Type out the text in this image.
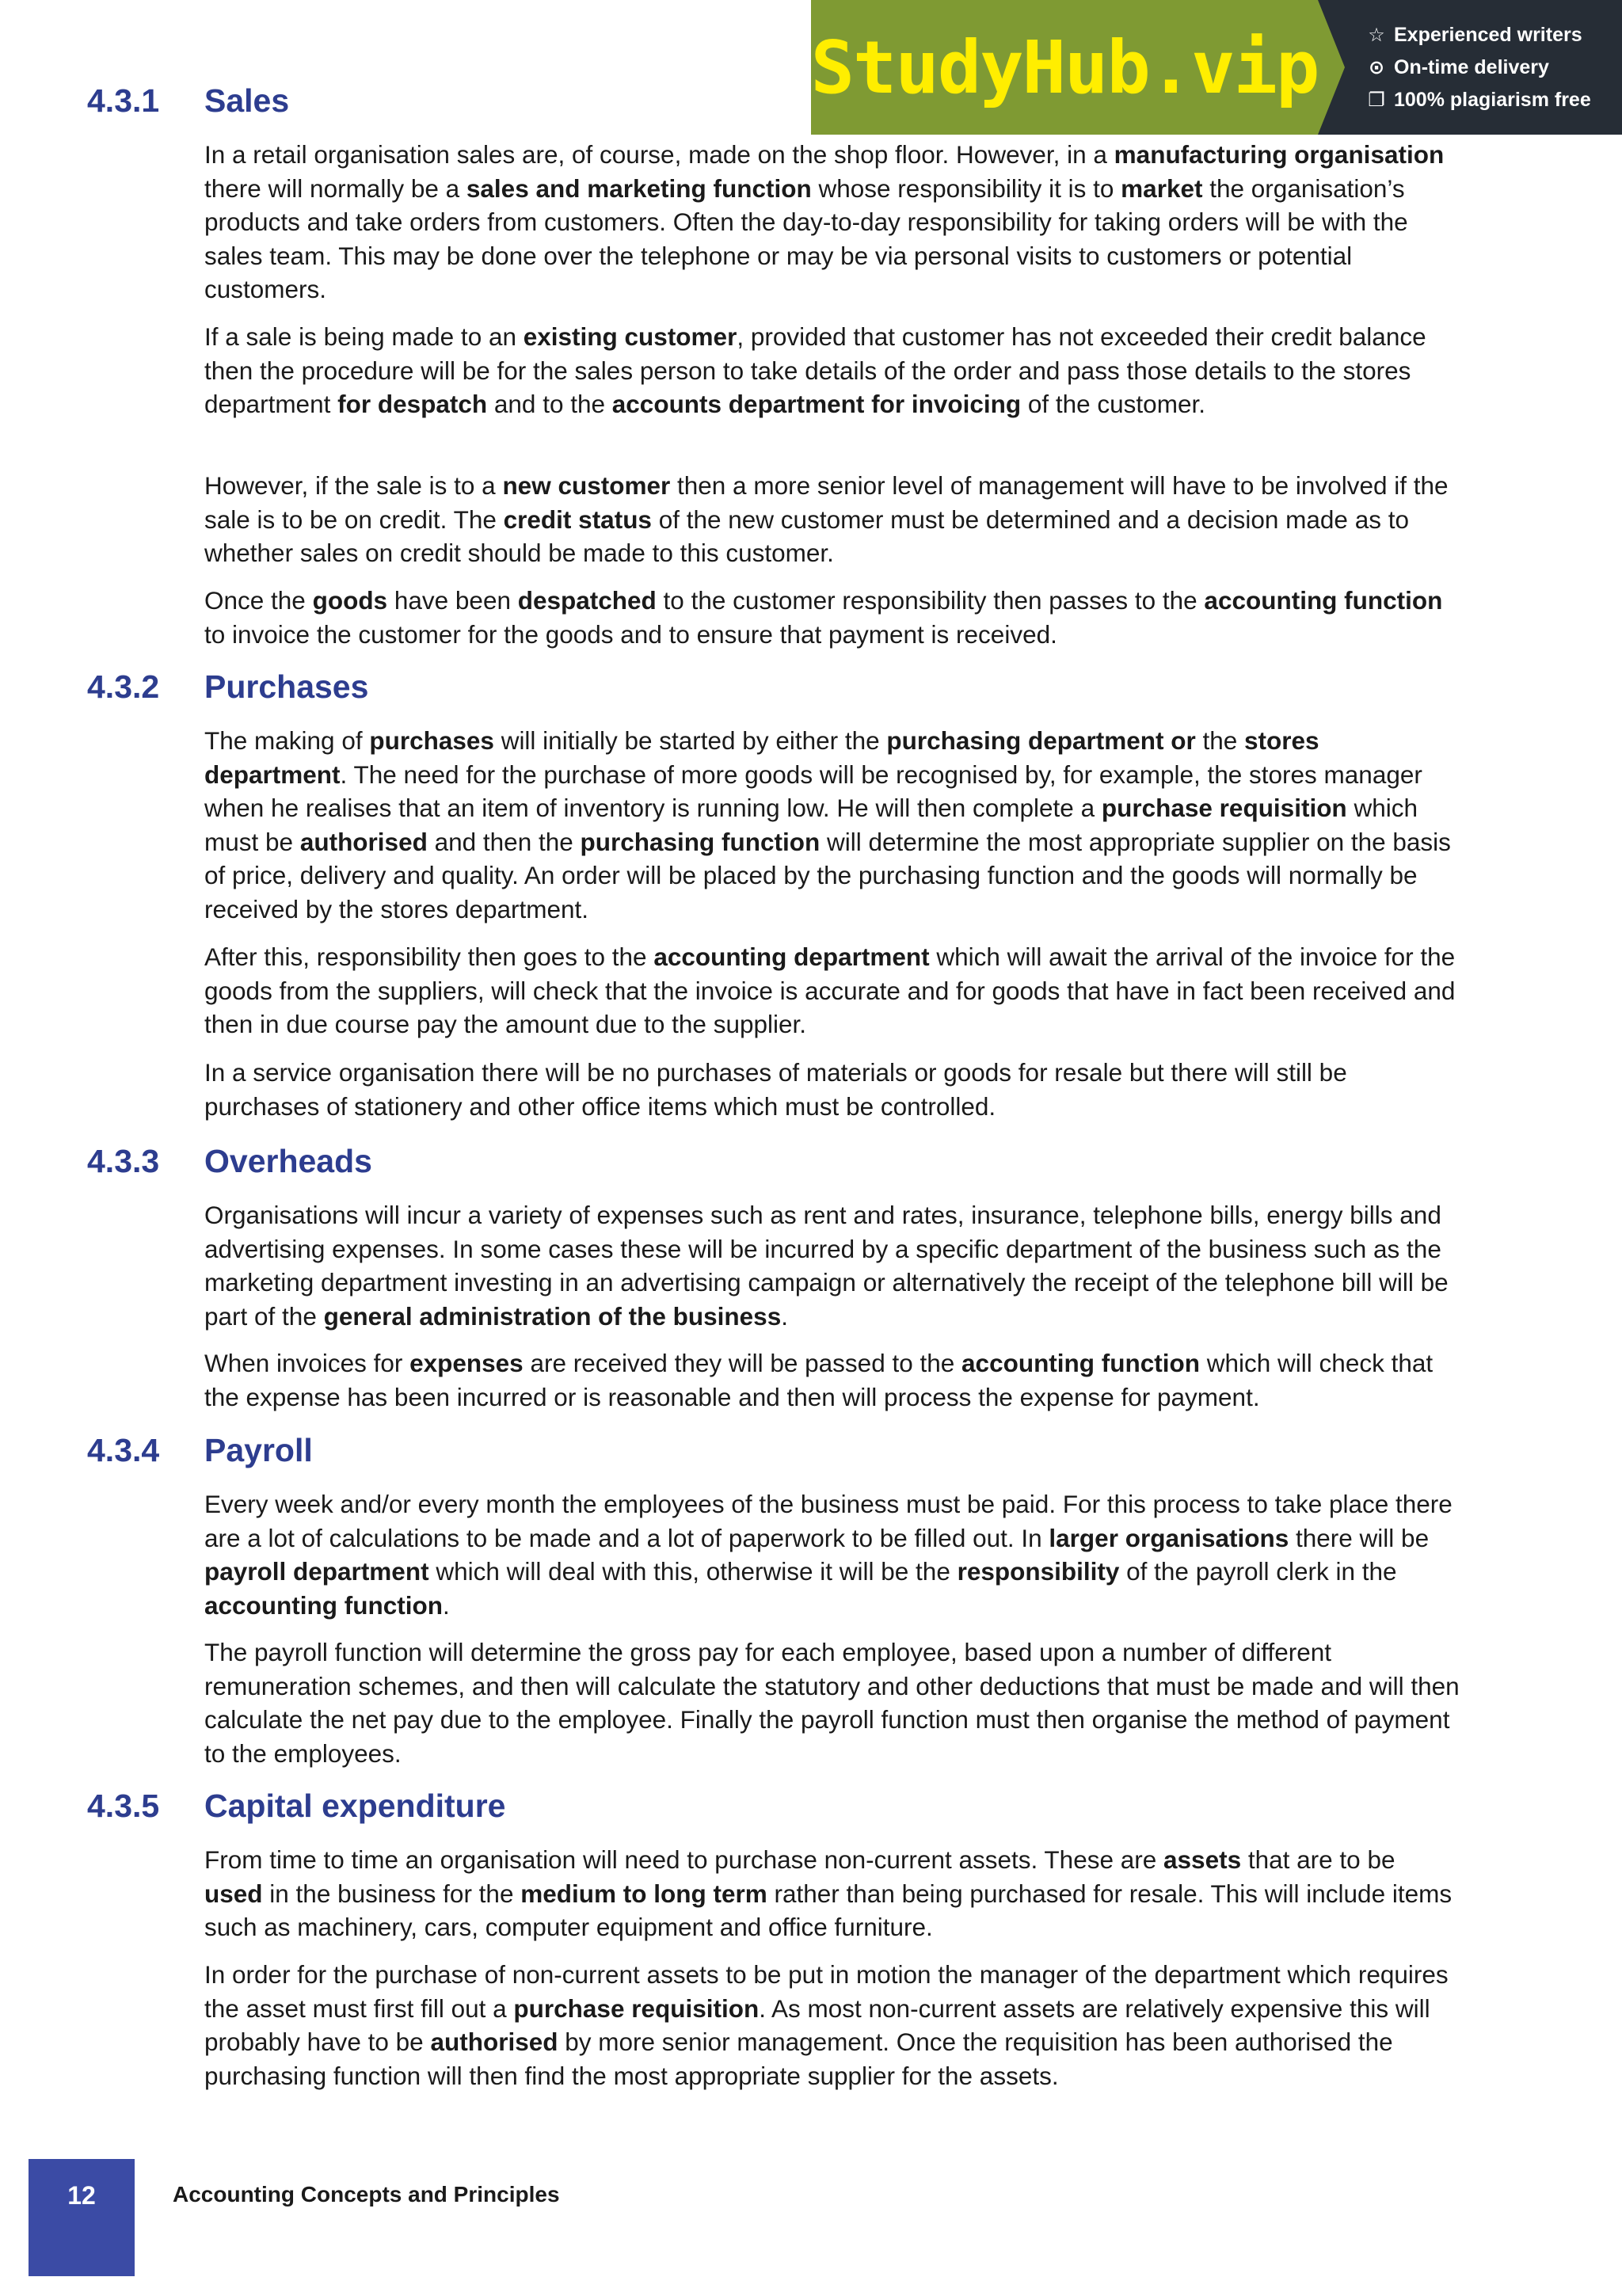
StudyHub.vip	☆ Experienced writers
⊙ On-time delivery
❐ 100% plagiarism free
4.3.1	Sales

In a retail organisation sales are, of course, made on the shop floor. However, in a manufacturing organisation there will normally be a sales and marketing function whose responsibility it is to market the organisation’s products and take orders from customers. Often the day-to-day responsibility for taking orders will be with the sales team. This may be done over the telephone or may be via personal visits to customers or potential customers.

If a sale is being made to an existing customer, provided that customer has not exceeded their credit balance then the procedure will be for the sales person to take details of the order and pass those details to the stores department for despatch and to the accounts department for invoicing of the customer.

However, if the sale is to a new customer then a more senior level of management will have to be involved if the sale is to be on credit. The credit status of the new customer must be determined and a decision made as to whether sales on credit should be made to this customer.

Once the goods have been despatched to the customer responsibility then passes to the accounting function to invoice the customer for the goods and to ensure that payment is received.

4.3.2	Purchases

The making of purchases will initially be started by either the purchasing department or the stores department. The need for the purchase of more goods will be recognised by, for example, the stores manager when he realises that an item of inventory is running low. He will then complete a purchase requisition which must be authorised and then the purchasing function will determine the most appropriate supplier on the basis of price, delivery and quality. An order will be placed by the purchasing function and the goods will normally be received by the stores department.

After this, responsibility then goes to the accounting department which will await the arrival of the invoice for the goods from the suppliers, will check that the invoice is accurate and for goods that have in fact been received and then in due course pay the amount due to the supplier.

In a service organisation there will be no purchases of materials or goods for resale but there will still be purchases of stationery and other office items which must be controlled.

4.3.3	Overheads

Organisations will incur a variety of expenses such as rent and rates, insurance, telephone bills, energy bills and advertising expenses. In some cases these will be incurred by a specific department of the business such as the marketing department investing in an advertising campaign or alternatively the receipt of the telephone bill will be part of the general administration of the business.

When invoices for expenses are received they will be passed to the accounting function which will check that the expense has been incurred or is reasonable and then will process the expense for payment.

4.3.4	Payroll

Every week and/or every month the employees of the business must be paid. For this process to take place there are a lot of calculations to be made and a lot of paperwork to be filled out. In larger organisations there will be payroll department which will deal with this, otherwise it will be the responsibility of the payroll clerk in the accounting function.

The payroll function will determine the gross pay for each employee, based upon a number of different remuneration schemes, and then will calculate the statutory and other deductions that must be made and will then calculate the net pay due to the employee. Finally the payroll function must then organise the method of payment to the employees.

4.3.5	Capital expenditure

From time to time an organisation will need to purchase non-current assets. These are assets that are to be used in the business for the medium to long term rather than being purchased for resale. This will include items such as machinery, cars, computer equipment and office furniture.

In order for the purchase of non-current assets to be put in motion the manager of the department which requires the asset must first fill out a purchase requisition. As most non-current assets are relatively expensive this will probably have to be authorised by more senior management. Once the requisition has been authorised the purchasing function will then find the most appropriate supplier for the assets.

12	Accounting Concepts and Principles
